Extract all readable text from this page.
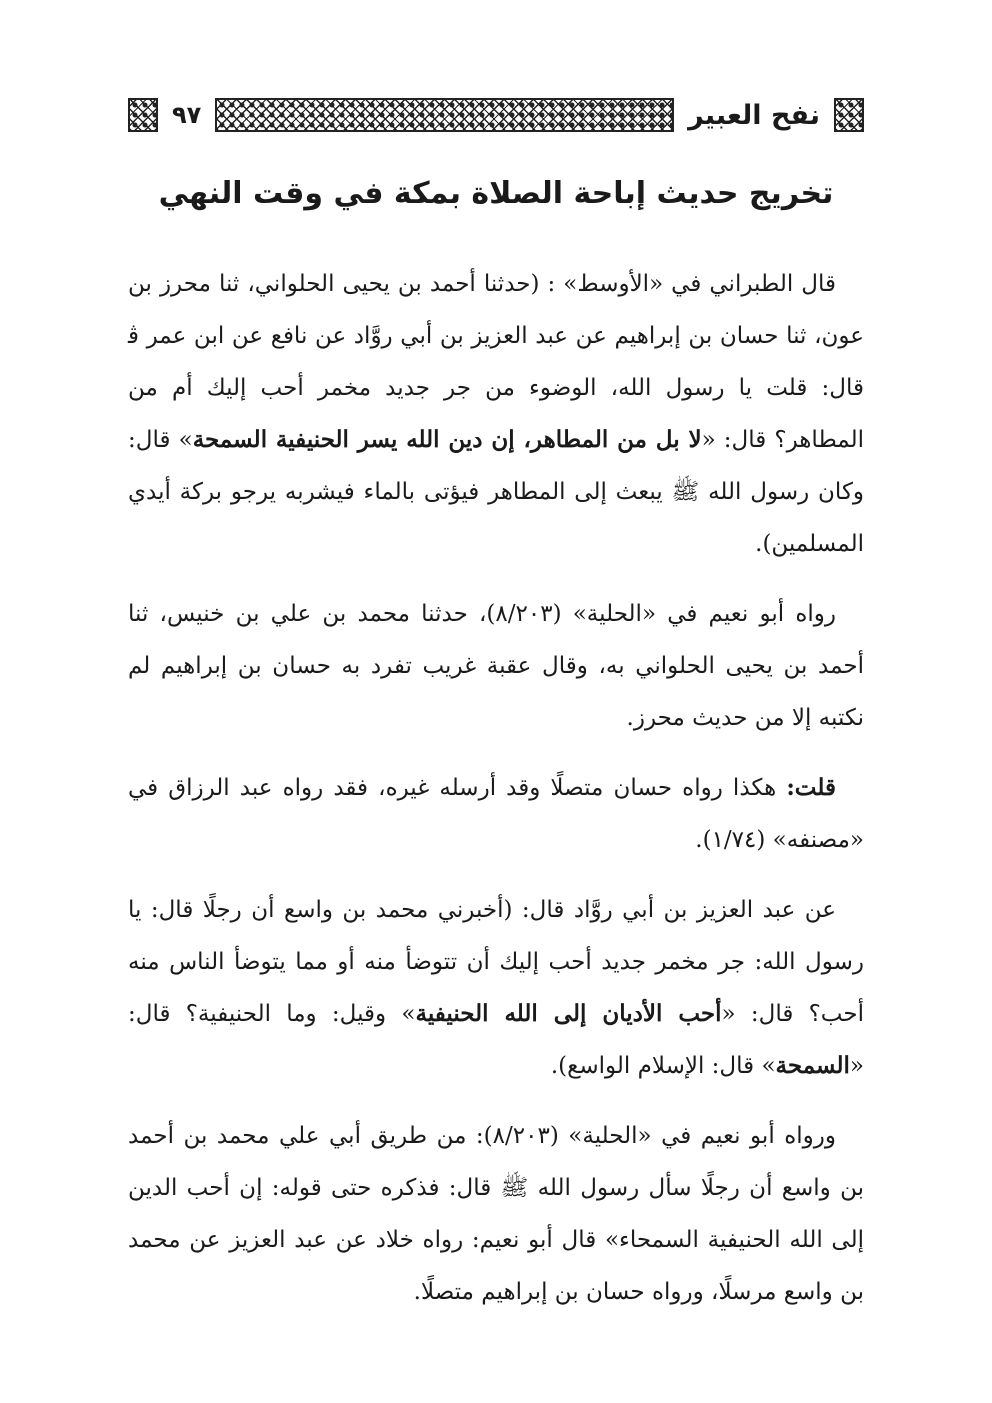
نفح العبير
٩٧
تخريج حديث إباحة الصلاة بمكة في وقت النهي

قال الطبراني في «الأوسط» : (حدثنا أحمد بن يحيى الحلواني، ثنا محرز بن عون، ثنا حسان بن إبراهيم عن عبد العزيز بن أبي روَّاد عن نافع عن ابن عمر ﭬ قال: قلت يا رسول الله، الوضوء من جر جديد مخمر أحب إليك أم من المطاهر؟ قال: «لا بل من المطاهر، إن دين الله يسر الحنيفية السمحة» قال: وكان رسول الله ﷺ يبعث إلى المطاهر فيؤتى بالماء فيشربه يرجو بركة أيدي المسلمين).

رواه أبو نعيم في «الحلية» (٨/٢٠٣)، حدثنا محمد بن علي بن خنيس، ثنا أحمد بن يحيى الحلواني به، وقال عقبة غريب تفرد به حسان بن إبراهيم لم نكتبه إلا من حديث محرز.

قلت: هكذا رواه حسان متصلًا وقد أرسله غيره، فقد رواه عبد الرزاق في «مصنفه» (١/٧٤).

عن عبد العزيز بن أبي روَّاد قال: (أخبرني محمد بن واسع أن رجلًا قال: يا رسول الله: جر مخمر جديد أحب إليك أن تتوضأ منه أو مما يتوضأ الناس منه أحب؟ قال: «أحب الأديان إلى الله الحنيفية» وقيل: وما الحنيفية؟ قال: «السمحة» قال: الإسلام الواسع).

ورواه أبو نعيم في «الحلية» (٨/٢٠٣): من طريق أبي علي محمد بن أحمد بن واسع أن رجلًا سأل رسول الله ﷺ قال: فذكره حتى قوله: إن أحب الدين إلى الله الحنيفية السمحاء» قال أبو نعيم: رواه خلاد عن عبد العزيز عن محمد بن واسع مرسلًا، ورواه حسان بن إبراهيم متصلًا.
